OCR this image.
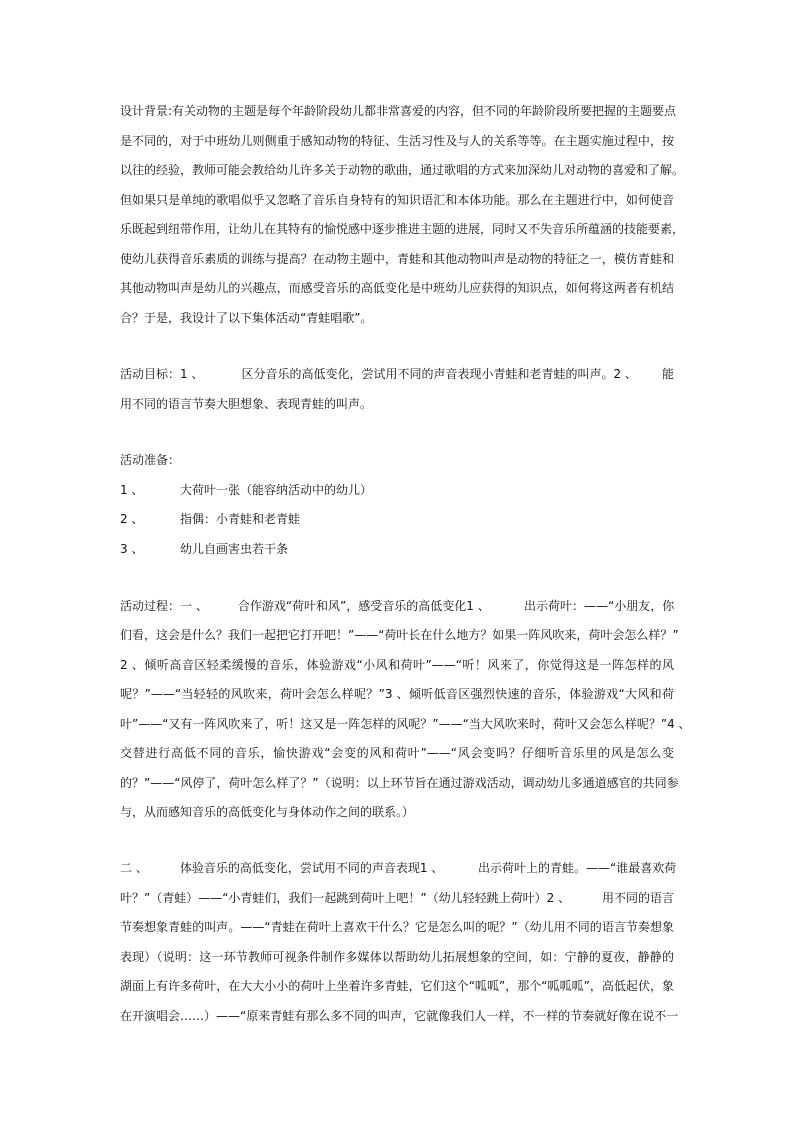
设计背景:有关动物的主题是每个年龄阶段幼儿都非常喜爱的内容，但不同的年龄阶段所要把握的主题要点
是不同的，对于中班幼儿则侧重于感知动物的特征、生活习性及与人的关系等等。在主题实施过程中，按
以往的经验，教师可能会教给幼儿许多关于动物的歌曲，通过歌唱的方式来加深幼儿对动物的喜爱和了解。
但如果只是单纯的歌唱似乎又忽略了音乐自身特有的知识语汇和本体功能。那么在主题进行中，如何使音
乐既起到纽带作用，让幼儿在其特有的愉悦感中逐步推进主题的进展，同时又不失音乐所蕴涵的技能要素，
使幼儿获得音乐素质的训练与提高？在动物主题中，青蛙和其他动物叫声是动物的特征之一，模仿青蛙和
其他动物叫声是幼儿的兴趣点，而感受音乐的高低变化是中班幼儿应获得的知识点，如何将这两者有机结
合？于是，我设计了以下集体活动“青蛙唱歌”。
活动目标：1 、	区分音乐的高低变化，尝试用不同的声音表现小青蛙和老青蛙的叫声。2 、 能
用不同的语言节奏大胆想象、表现青蛙的叫声。
活动准备：
1 、	大荷叶一张（能容纳活动中的幼儿）
2 、	指偶：小青蛙和老青蛙
3 、	幼儿自画害虫若干条
活动过程：一 、	合作游戏“荷叶和风”，感受音乐的高低变化1 、	出示荷叶：——“小朋友，你
们看，这会是什么？我们一起把它打开吧！”——“荷叶长在什么地方？如果一阵风吹来，荷叶会怎么样？”
2 、倾听高音区轻柔缓慢的音乐，体验游戏“小风和荷叶”——“听！风来了，你觉得这是一阵怎样的风
呢？”——“当轻轻的风吹来，荷叶会怎么样呢？”3 、倾听低音区强烈快速的音乐，体验游戏“大风和荷
叶”——“又有一阵风吹来了，听！这又是一阵怎样的风呢？”——“当大风吹来时，荷叶又会怎么样呢？”4 、
交替进行高低不同的音乐，愉快游戏“会变的风和荷叶”——“风会变吗？仔细听音乐里的风是怎么变
的？”——“风停了，荷叶怎么样了？”（说明：以上环节旨在通过游戏活动，调动幼儿多通道感官的共同参
与，从而感知音乐的高低变化与身体动作之间的联系。）
二 、	体验音乐的高低变化，尝试用不同的声音表现1 、	出示荷叶上的青蛙。——“谁最喜欢荷
叶？”（青蛙）——“小青蛙们，我们一起跳到荷叶上吧！”（幼儿轻轻跳上荷叶）2 、	用不同的语言
节奏想象青蛙的叫声。——“青蛙在荷叶上喜欢干什么？它是怎么叫的呢？”（幼儿用不同的语言节奏想象
表现）（说明：这一环节教师可视条件制作多媒体以帮助幼儿拓展想象的空间，如：宁静的夏夜，静静的
湖面上有许多荷叶，在大大小小的荷叶上坐着许多青蛙，它们这个“呱呱”，那个“呱呱呱”，高低起伏，象
在开演唱会……）——“原来青蛙有那么多不同的叫声，它就像我们人一样，不一样的节奏就好像在说不一
